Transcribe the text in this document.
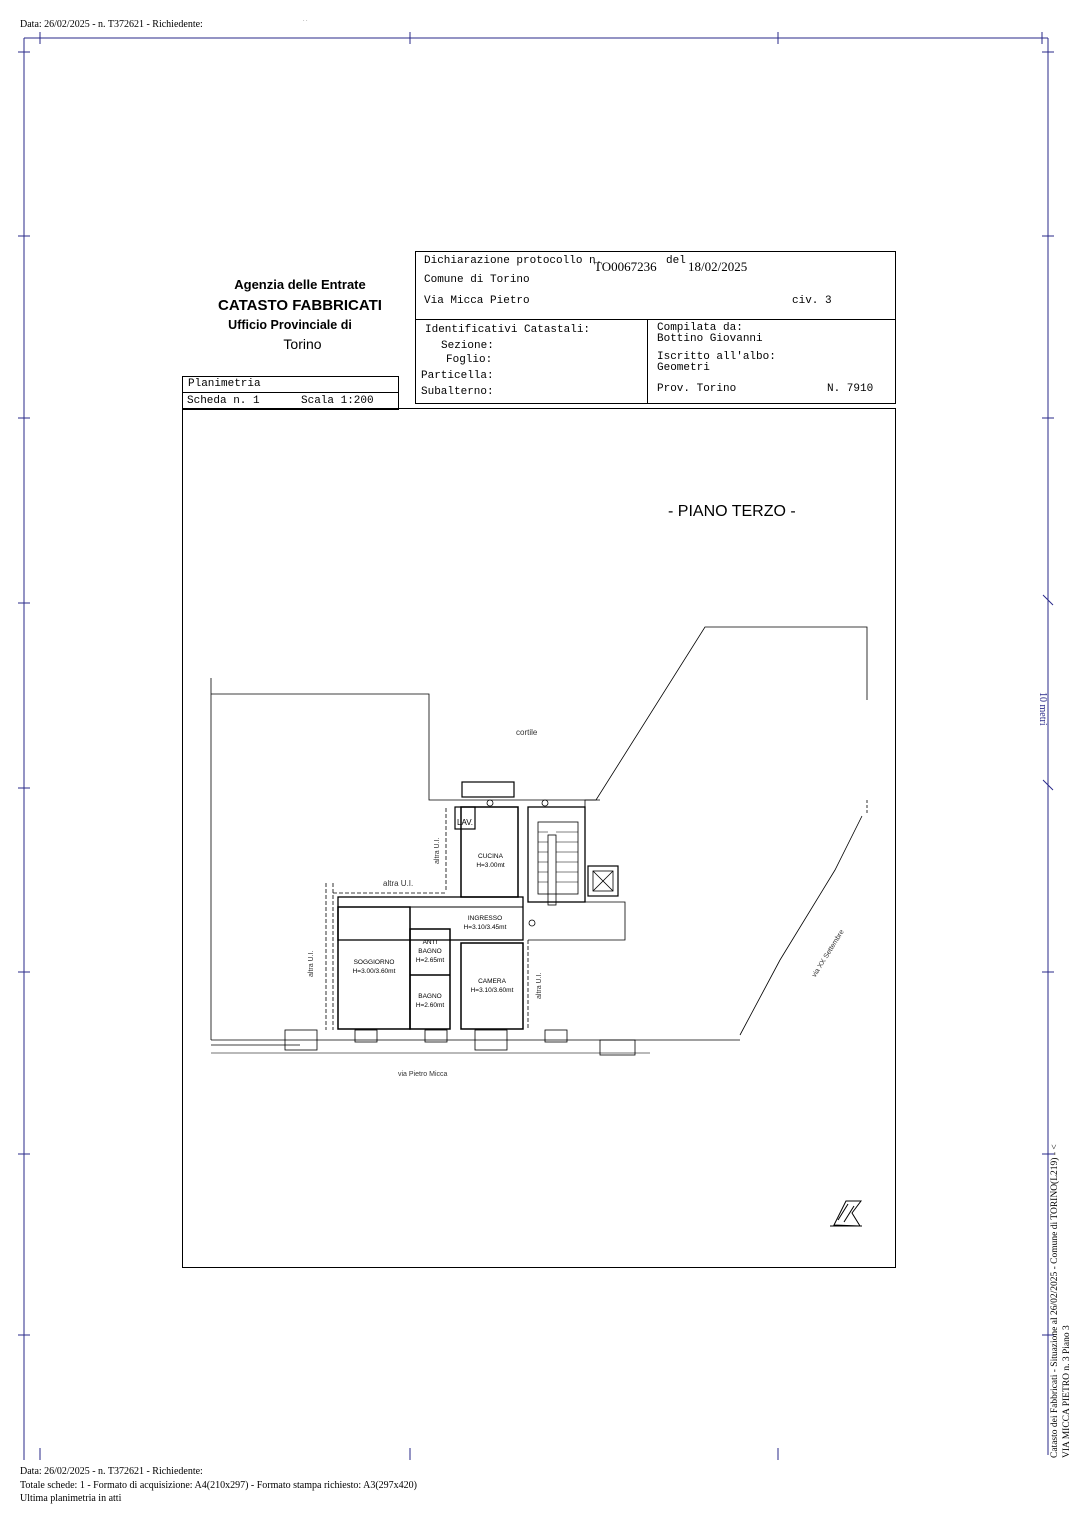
Data: 26/02/2025 - n. T372621 - Richiedente:	. .
10 metri
Agenzia delle Entrate
CATASTO FABBRICATI
Ufficio Provinciale di
Torino
Planimetria
Scheda n. 1	Scala 1:200
Dichiarazione protocollo n.
TO0067236 del 18/02/2025
Comune di Torino
Via Micca Pietro	civ. 3
Identificativi Catastali:
Sezione:
Foglio:
Particella:
Subalterno:
Compilata da:
Bottino Giovanni
Iscritto all'albo:
Geometri
Prov. Torino	N. 7910
- PIANO TERZO -
cortile
LAV.
altra U.I.
altra U.I.
altra U.I.
altra U.I.
CUCINA
H=3.00mt
INGRESSO
H=3.10/3.45mt
SOGGIORNO
H=3.00/3.60mt
ANTI
BAGNO
H=2.65mt
BAGNO
H=2.60mt
CAMERA
H=3.10/3.60mt
via XX Settembre
via Pietro Micca
Catasto dei Fabbricati - Situazione al 26/02/2025 - Comune di TORINO(L219) - < VIA MICCA PIETRO n. 3 Piano 3
Data: 26/02/2025 - n. T372621 - Richiedente:
Totale schede: 1 - Formato di acquisizione: A4(210x297) - Formato stampa richiesto: A3(297x420)
Ultima planimetria in atti
